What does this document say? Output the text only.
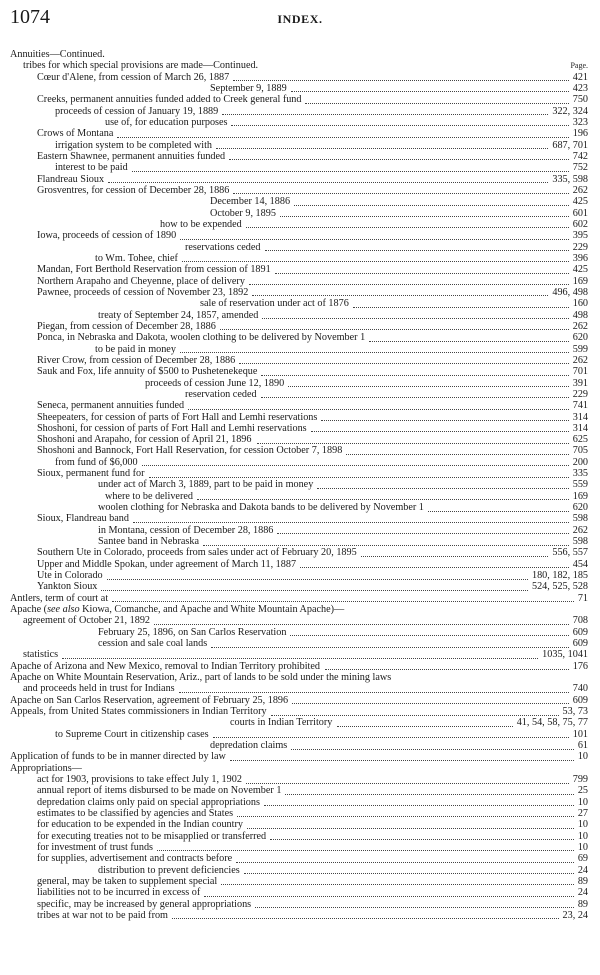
1074	INDEX.
Annuities—Continued.
tribes for which special provisions are made—Continued.	Page.
Cœur d'Alene, from cession of March 26, 1887	421
September 9, 1889	423
Creeks, permanent annuities funded added to Creek general fund	750
proceeds of cession of January 19, 1889	322, 324
use of, for education purposes	323
Crows of Montana	196
irrigation system to be completed with	687, 701
Eastern Shawnee, permanent annuities funded	742
interest to be paid	752
Flandreau Sioux	335, 598
Grosventres, for cession of December 28, 1886	262
December 14, 1886	425
October 9, 1895	601
how to be expended	602
Iowa, proceeds of cession of 1890	395
reservations ceded	229
to Wm. Tohee, chief	396
Mandan, Fort Berthold Reservation from cession of 1891	425
Northern Arapaho and Cheyenne, place of delivery	169
Pawnee, proceeds of cession of November 23, 1892	496, 498
sale of reservation under act of 1876	160
treaty of September 24, 1857, amended	498
Piegan, from cession of December 28, 1886	262
Ponca, in Nebraska and Dakota, woolen clothing to be delivered by November 1	620
to be paid in money	599
River Crow, from cession of December 28, 1886	262
Sauk and Fox, life annuity of $500 to Pushetenekeque	701
proceeds of cession June 12, 1890	391
reservation ceded	229
Seneca, permanent annuities funded	741
Sheepeaters, for cession of parts of Fort Hall and Lemhi reservations	314
Shoshoni, for cession of parts of Fort Hall and Lemhi reservations	314
Shoshoni and Arapaho, for cession of April 21, 1896	625
Shoshoni and Bannock, Fort Hall Reservation, for cession October 7, 1898	705
from fund of $6,000	200
Sioux, permanent fund for	335
under act of March 3, 1889, part to be paid in money	559
where to be delivered	169
woolen clothing for Nebraska and Dakota bands to be delivered by November 1	620
Sioux, Flandreau band	598
in Montana, cession of December 28, 1886	262
Santee band in Nebraska	598
Southern Ute in Colorado, proceeds from sales under act of February 20, 1895	556, 557
Upper and Middle Spokan, under agreement of March 11, 1887	454
Ute in Colorado	180, 182, 185
Yankton Sioux	524, 525, 528
Antlers, term of court at	71
Apache (see also Kiowa, Comanche, and Apache and White Mountain Apache)—
agreement of October 21, 1892	708
February 25, 1896, on San Carlos Reservation	609
cession and sale coal lands	609
statistics	1035, 1041
Apache of Arizona and New Mexico, removal to Indian Territory prohibited	176
Apache on White Mountain Reservation, Ariz., part of lands to be sold under the mining laws
and proceeds held in trust for Indians	740
Apache on San Carlos Reservation, agreement of February 25, 1896	609
Appeals, from United States commissioners in Indian Territory	53, 73
courts in Indian Territory	41, 54, 58, 75, 77
to Supreme Court in citizenship cases	101
depredation claims	61
Application of funds to be in manner directed by law	10
Appropriations—
act for 1903, provisions to take effect July 1, 1902	799
annual report of items disbursed to be made on November 1	25
depredation claims only paid on special appropriations	10
estimates to be classified by agencies and States	27
for education to be expended in the Indian country	10
for executing treaties not to be misapplied or transferred	10
for investment of trust funds	10
for supplies, advertisement and contracts before	69
distribution to prevent deficiencies	24
general, may be taken to supplement special	89
liabilities not to be incurred in excess of	24
specific, may be increased by general appropriations	89
tribes at war not to be paid from	23, 24
